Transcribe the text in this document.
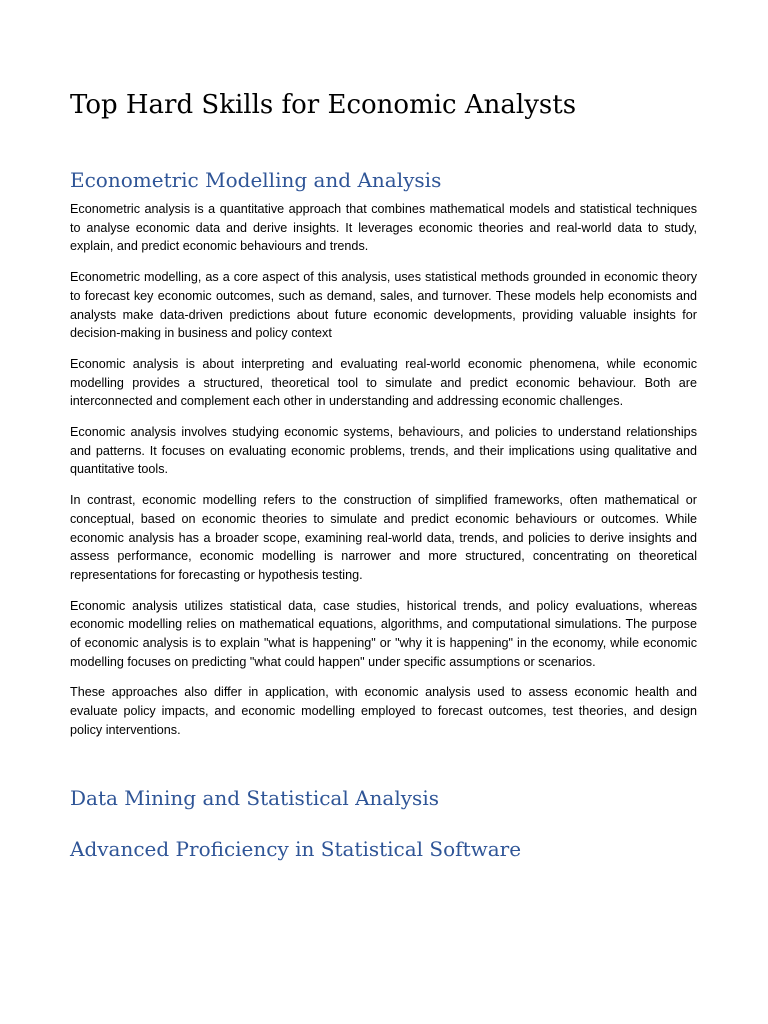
Top Hard Skills for Economic Analysts
Econometric Modelling and Analysis

Econometric analysis is a quantitative approach that combines mathematical models and statistical techniques to analyse economic data and derive insights. It leverages economic theories and real-world data to study, explain, and predict economic behaviours and trends.

Econometric modelling, as a core aspect of this analysis, uses statistical methods grounded in economic theory to forecast key economic outcomes, such as demand, sales, and turnover. These models help economists and analysts make data-driven predictions about future economic developments, providing valuable insights for decision-making in business and policy context

Economic analysis is about interpreting and evaluating real-world economic phenomena, while economic modelling provides a structured, theoretical tool to simulate and predict economic behaviour. Both are interconnected and complement each other in understanding and addressing economic challenges.

Economic analysis involves studying economic systems, behaviours, and policies to understand relationships and patterns. It focuses on evaluating economic problems, trends, and their implications using qualitative and quantitative tools.

In contrast, economic modelling refers to the construction of simplified frameworks, often mathematical or conceptual, based on economic theories to simulate and predict economic behaviours or outcomes. While economic analysis has a broader scope, examining real-world data, trends, and policies to derive insights and assess performance, economic modelling is narrower and more structured, concentrating on theoretical representations for forecasting or hypothesis testing.

Economic analysis utilizes statistical data, case studies, historical trends, and policy evaluations, whereas economic modelling relies on mathematical equations, algorithms, and computational simulations. The purpose of economic analysis is to explain "what is happening" or "why it is happening" in the economy, while economic modelling focuses on predicting "what could happen" under specific assumptions or scenarios.

These approaches also differ in application, with economic analysis used to assess economic health and evaluate policy impacts, and economic modelling employed to forecast outcomes, test theories, and design policy interventions.

Data Mining and Statistical Analysis
Advanced Proficiency in Statistical Software
